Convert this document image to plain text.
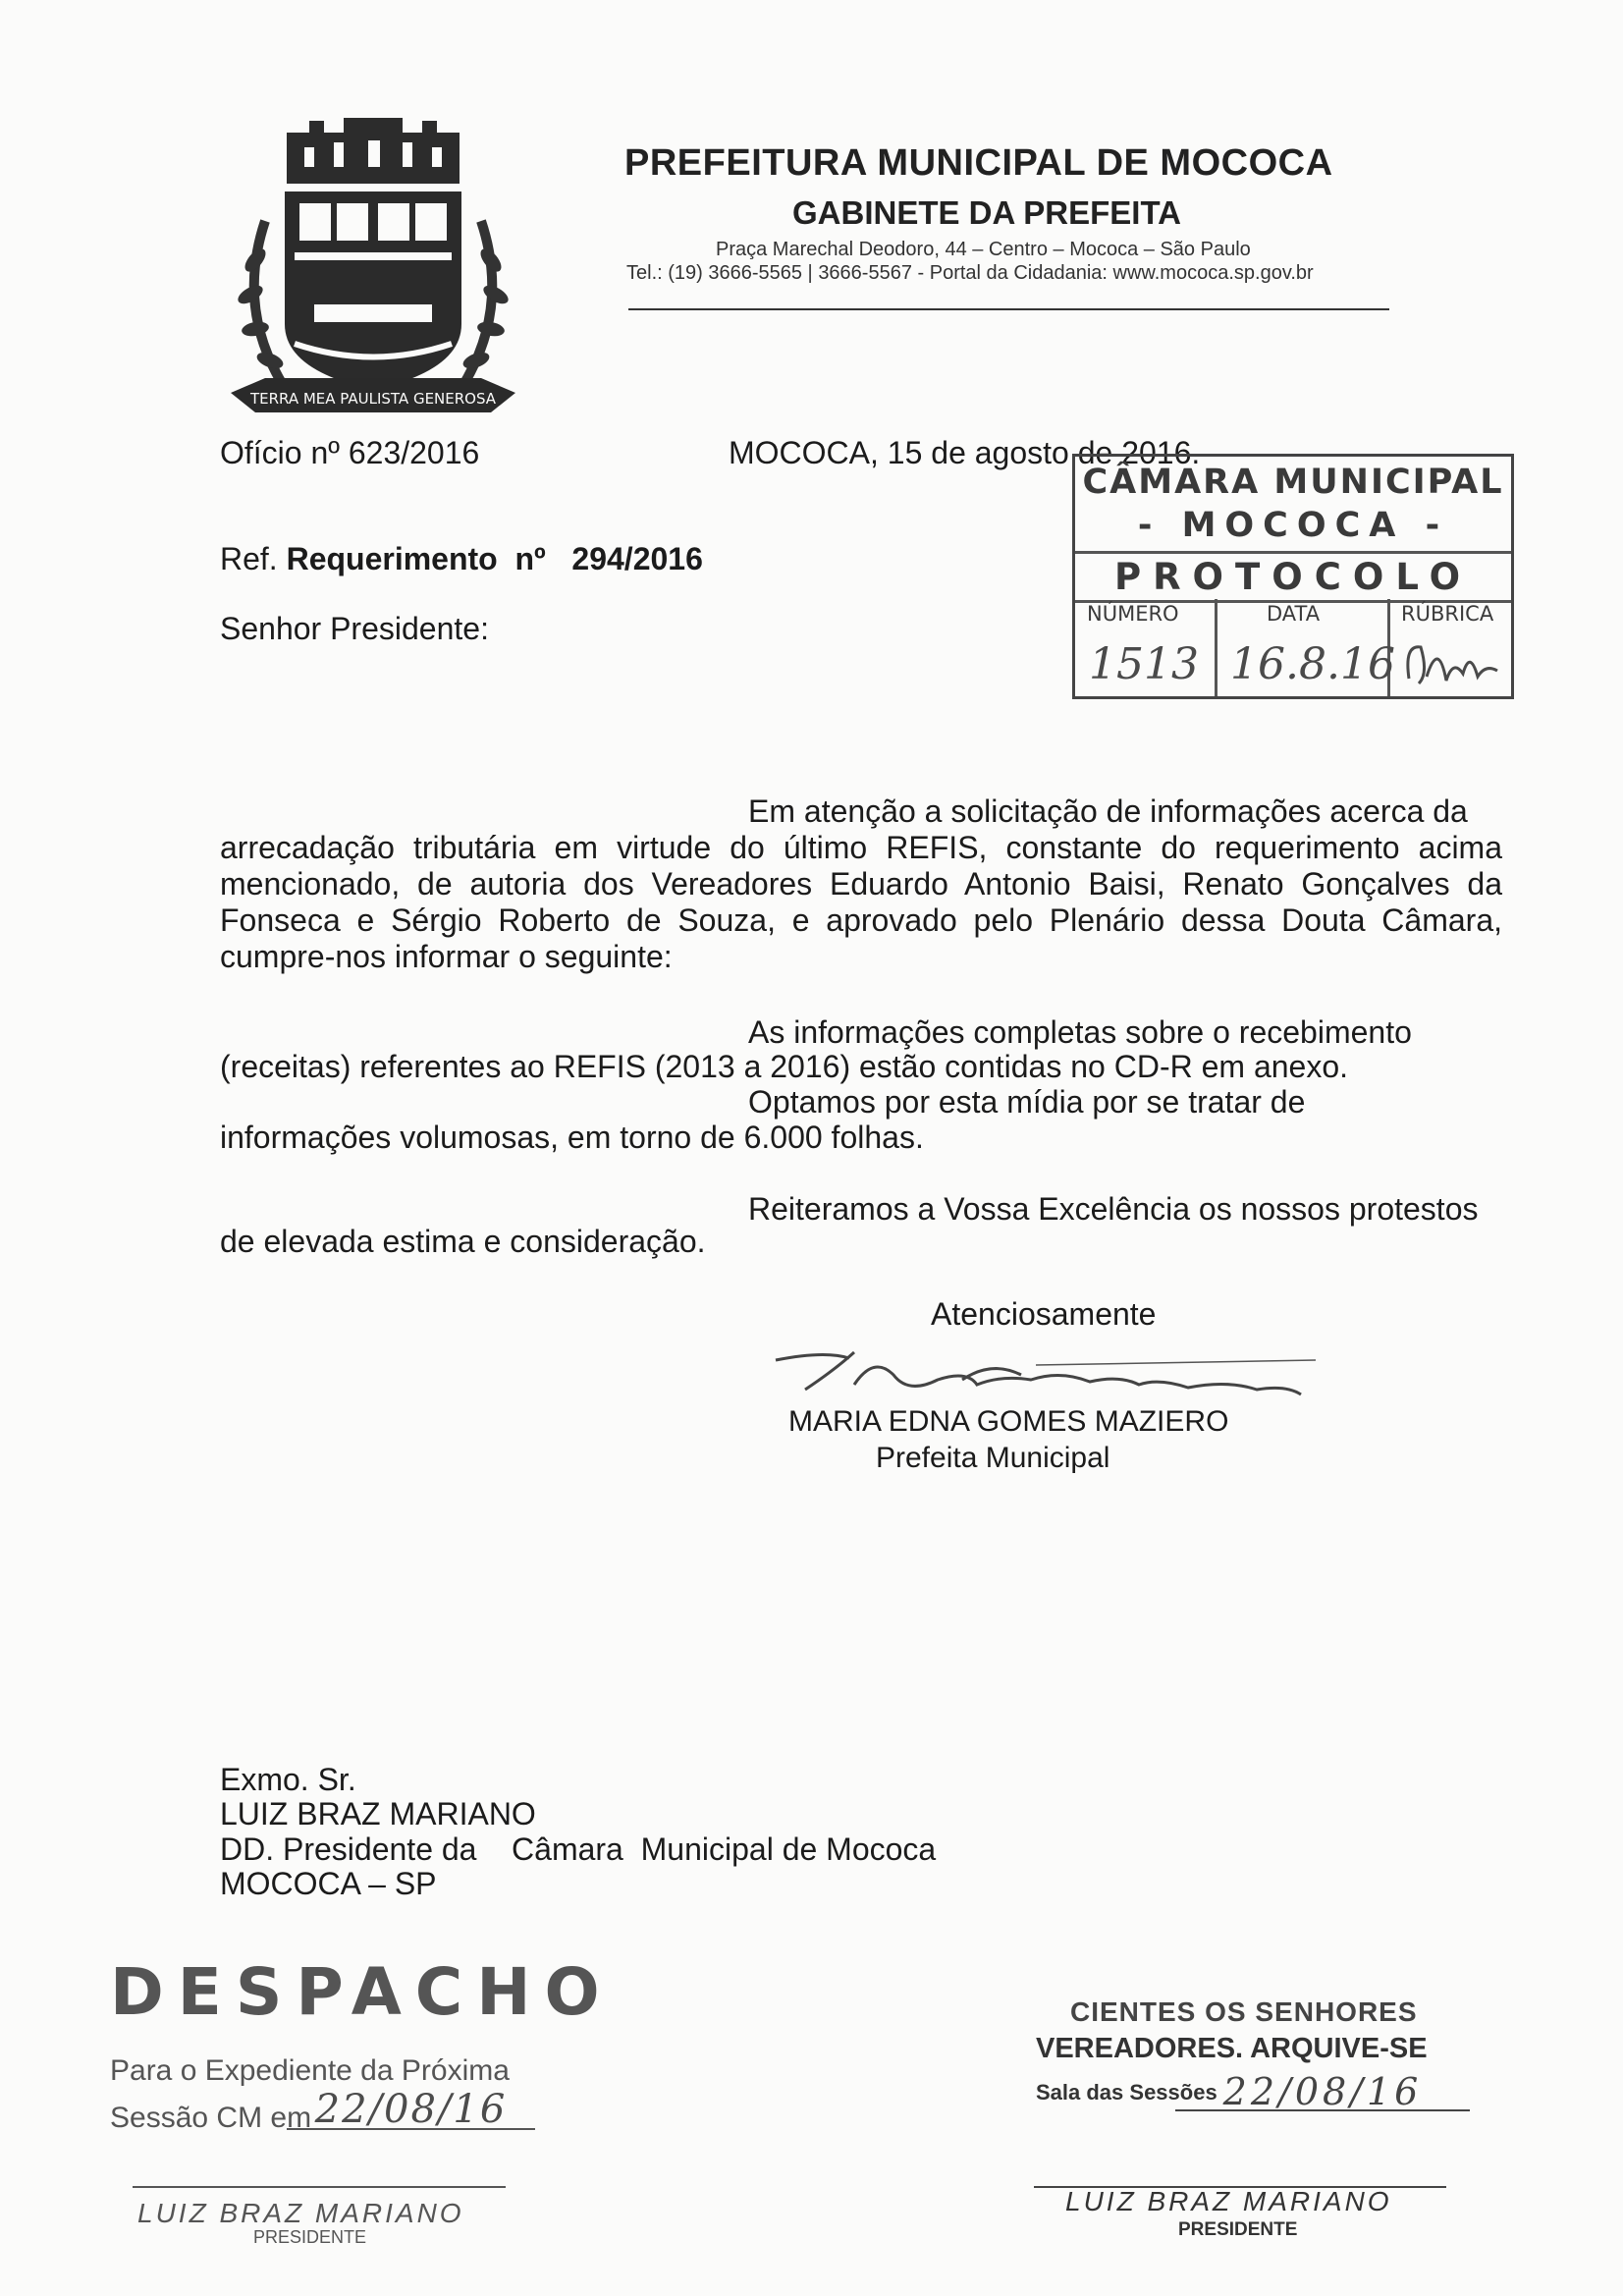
TERRA MEA PAULISTA GENEROSA
PREFEITURA MUNICIPAL DE MOCOCA
GABINETE DA PREFEITA
Praça Marechal Deodoro, 44 – Centro – Mococa – São Paulo
Tel.: (19) 3666-5565 | 3666-5567 - Portal da Cidadania: www.mococa.sp.gov.br
Ofício nº 623/2016	MOCOCA, 15 de agosto de 2016.
Ref. Requerimento  nº   294/2016
Senhor Presidente:
CÂMARA MUNICIPAL
- MOCOCA -
PROTOCOLO
NÚMERO	DATA	RÚBRICA
1513 16.8.16
Em atenção a solicitação de informações acerca da
arrecadação tributária em virtude do último REFIS, constante do requerimento acima
mencionado, de autoria dos Vereadores Eduardo Antonio Baisi, Renato Gonçalves da
Fonseca e Sérgio Roberto de Souza, e aprovado pelo Plenário dessa Douta Câmara,
cumpre-nos informar o seguinte:
As informações completas sobre o recebimento
(receitas) referentes ao REFIS (2013 a 2016) estão contidas no CD-R em anexo.
Optamos por esta mídia por se tratar de
informações volumosas, em torno de 6.000 folhas.
Reiteramos a Vossa Excelência os nossos protestos
de elevada estima e consideração.
Atenciosamente
MARIA EDNA GOMES MAZIERO
Prefeita Municipal
Exmo. Sr.
LUIZ BRAZ MARIANO
DD. Presidente da    Câmara  Municipal de Mococa
MOCOCA – SP
DESPACHO
Para o Expediente da Próxima
Sessão CM em 22/08/16
LUIZ BRAZ MARIANO
PRESIDENTE
CIENTES OS SENHORES
VEREADORES. ARQUIVE-SE
Sala das Sessões 22/08/16
LUIZ BRAZ MARIANO
PRESIDENTE
